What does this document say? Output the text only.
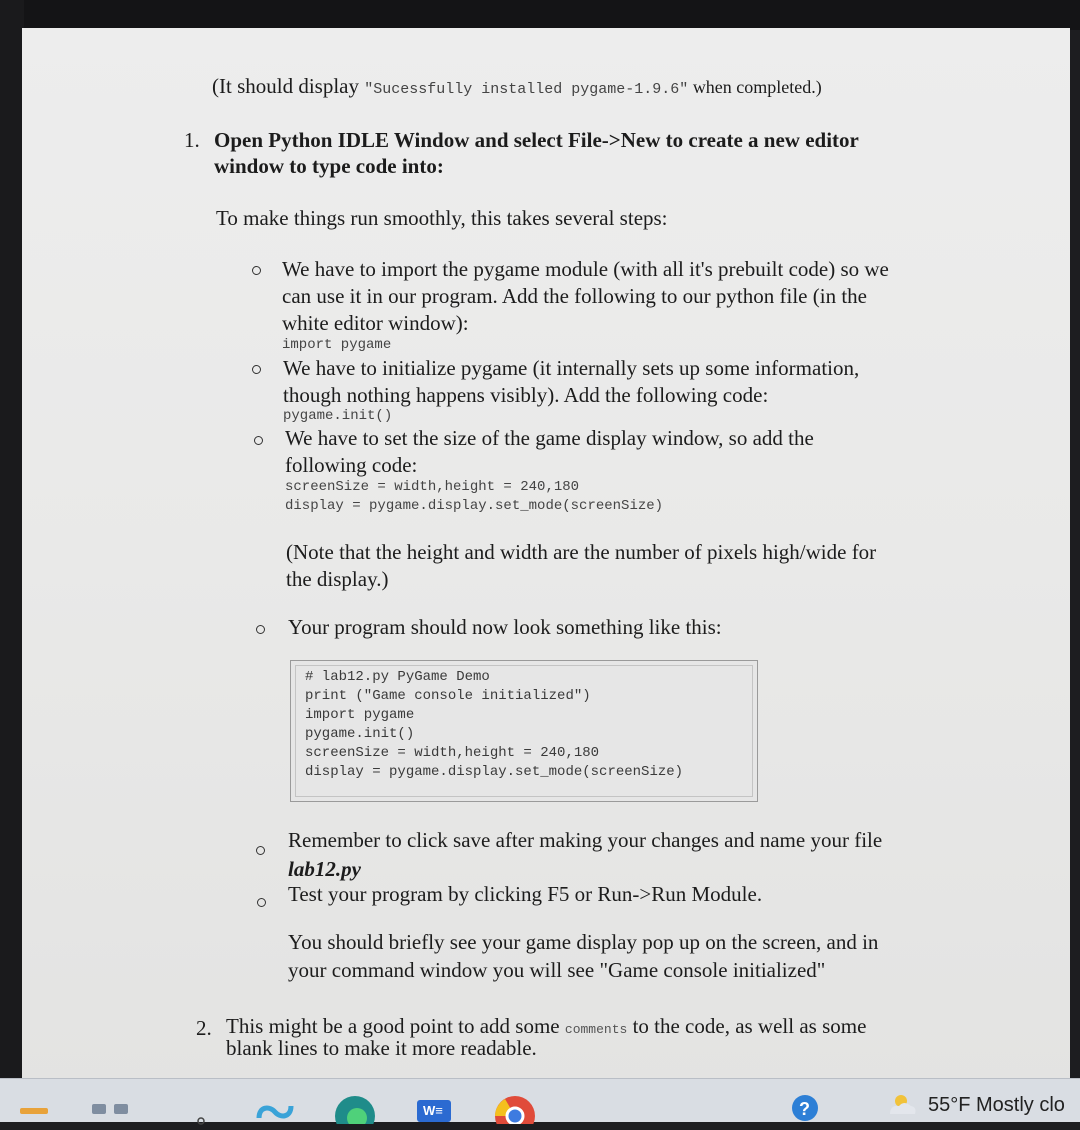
(It should display "Sucessfully installed pygame-1.9.6" when completed.)
1. Open Python IDLE Window and select File->New to create a new editor
window to type code into:
To make things run smoothly, this takes several steps:
We have to import the pygame module (with all it's prebuilt code) so we
can use it in our program. Add the following to our python file (in the
white editor window):
import pygame
We have to initialize pygame (it internally sets up some information,
though nothing happens visibly). Add the following code:
pygame.init()
We have to set the size of the game display window, so add the
following code:
screenSize = width,height = 240,180
display = pygame.display.set_mode(screenSize)
(Note that the height and width are the number of pixels high/wide for
the display.)
Your program should now look something like this:
# lab12.py PyGame Demo
print ("Game console initialized")
import pygame
pygame.init()
screenSize = width,height = 240,180
display = pygame.display.set_mode(screenSize)
Remember to click save after making your changes and name your file
lab12.py
Test your program by clicking F5 or Run->Run Module.
You should briefly see your game display pop up on the screen, and in
your command window you will see "Game console initialized"
2. This might be a good point to add some comments to the code, as well as some
blank lines to make it more readable.
W≡	?	55°F Mostly clo
